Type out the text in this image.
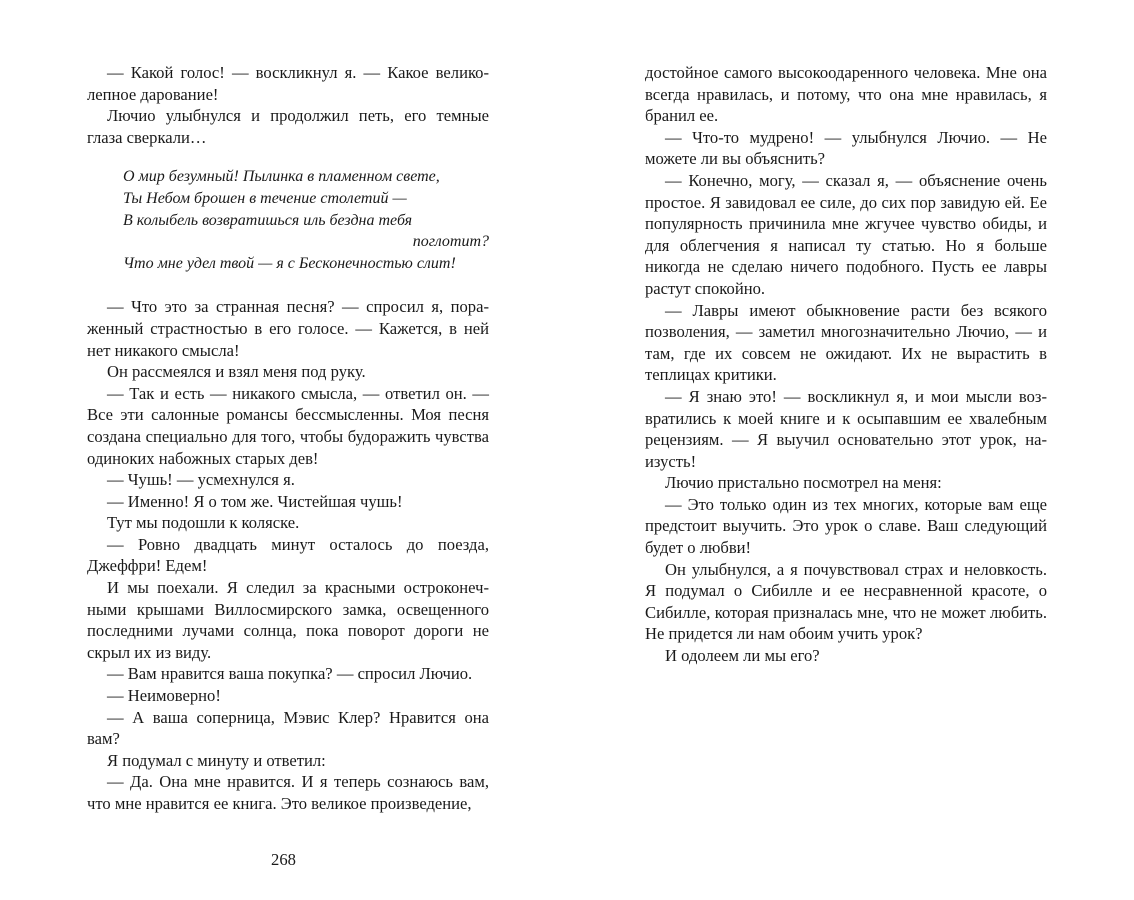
— Какой голос! — воскликнул я. — Какое великолепное дарование!

Лючио улыбнулся и продолжил петь, его темные глаза сверкали…

О мир безумный! Пылинка в пламенном свете,
Ты Небом брошен в течение столетий —
В колыбель возвратишься иль бездна тебя
поглотит?
Что мне удел твой — я с Бесконечностью слит!

— Что это за странная песня? — спросил я, пораженный страстностью в его голосе. — Кажется, в ней нет никакого смысла!

Он рассмеялся и взял меня под руку.

— Так и есть — никакого смысла, — ответил он. — Все эти салонные романсы бессмысленны. Моя песня создана специально для того, чтобы будоражить чувства одиноких набожных старых дев!

— Чушь! — усмехнулся я.

— Именно! Я о том же. Чистейшая чушь!

Тут мы подошли к коляске.

— Ровно двадцать минут осталось до поезда, Джеффри! Едем!

И мы поехали. Я следил за красными остроконечными крышами Виллосмирского замка, освещенного последними лучами солнца, пока поворот дороги не скрыл их из виду.

— Вам нравится ваша покупка? — спросил Лючио.

— Неимоверно!

— А ваша соперница, Мэвис Клер? Нравится она вам?

Я подумал с минуту и ответил:

— Да. Она мне нравится. И я теперь сознаюсь вам, что мне нравится ее книга. Это великое произведение,

268

достойное самого высокоодаренного человека. Мне она всегда нравилась, и потому, что она мне нравилась, я бранил ее.

— Что-то мудрено! — улыбнулся Лючио. — Не можете ли вы объяснить?

— Конечно, могу, — сказал я, — объяснение очень простое. Я завидовал ее силе, до сих пор завидую ей. Ее популярность причинила мне жгучее чувство обиды, и для облегчения я написал ту статью. Но я больше никогда не сделаю ничего подобного. Пусть ее лавры растут спокойно.

— Лавры имеют обыкновение расти без всякого позволения, — заметил многозначительно Лючио, — и там, где их совсем не ожидают. Их не вырастить в теплицах критики.

— Я знаю это! — воскликнул я, и мои мысли возвратились к моей книге и к осыпавшим ее хвалебным рецензиям. — Я выучил основательно этот урок, наизусть!

Лючио пристально посмотрел на меня:

— Это только один из тех многих, которые вам еще предстоит выучить. Это урок о славе. Ваш следующий будет о любви!

Он улыбнулся, а я почувствовал страх и неловкость. Я подумал о Сибилле и ее несравненной красоте, о Сибилле, которая призналась мне, что не может любить. Не придется ли нам обоим учить урок?

И одолеем ли мы его?
